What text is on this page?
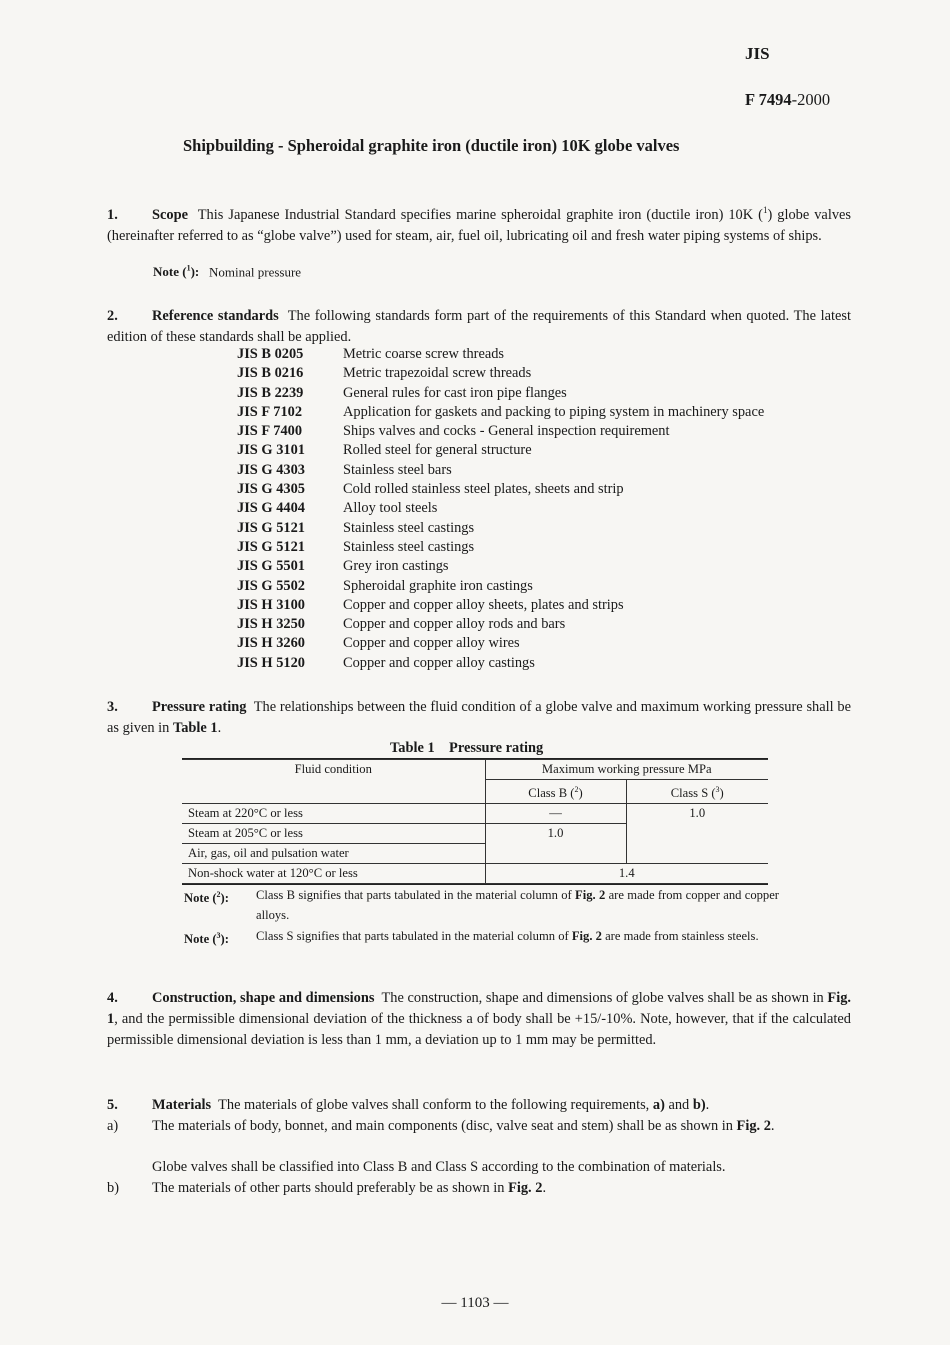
JIS
F 7494-2000
Shipbuilding - Spheroidal graphite iron (ductile iron) 10K globe valves
1. Scope This Japanese Industrial Standard specifies marine spheroidal graphite iron (ductile iron) 10K ($^1$) globe valves (hereinafter referred to as “globe valve”) used for steam, air, fuel oil, lubricating oil and fresh water piping systems of ships.
Note ($^1$): Nominal pressure
2. Reference standards The following standards form part of the requirements of this Standard when quoted. The latest edition of these standards shall be applied.
JIS B 0205	Metric coarse screw threads
JIS B 0216	Metric trapezoidal screw threads
JIS B 2239	General rules for cast iron pipe flanges
JIS F 7102	Application for gaskets and packing to piping system in machinery space
JIS F 7400	Ships valves and cocks - General inspection requirement
JIS G 3101	Rolled steel for general structure
JIS G 4303	Stainless steel bars
JIS G 4305	Cold rolled stainless steel plates, sheets and strip
JIS G 4404	Alloy tool steels
JIS G 5121	Stainless steel castings
JIS G 5121	Stainless steel castings
JIS G 5501	Grey iron castings
JIS G 5502	Spheroidal graphite iron castings
JIS H 3100	Copper and copper alloy sheets, plates and strips
JIS H 3250	Copper and copper alloy rods and bars
JIS H 3260	Copper and copper alloy wires
JIS H 5120	Copper and copper alloy castings
3. Pressure rating The relationships between the fluid condition of a globe valve and maximum working pressure shall be as given in Table 1.
Table 1 Pressure rating
Fluid condition	Maximum working pressure MPa	
	Class B ($^2$)	Class S ($^3$)
Steam at 220°C or less	—	1.0
Steam at 205°C or less	1.0	
Air, gas, oil and pulsation water		
Non-shock water at 120°C or less	1.4	
Note ($^2$): Class B signifies that parts tabulated in the material column of Fig. 2 are made from copper and copper alloys.
Note ($^3$): Class S signifies that parts tabulated in the material column of Fig. 2 are made from stainless steels.
4. Construction, shape and dimensions The construction, shape and dimensions of globe valves shall be as shown in Fig. 1, and the permissible dimensional deviation of the thickness a of body shall be +15/-10%. Note, however, that if the calculated permissible dimensional deviation is less than 1 mm, a deviation up to 1 mm may be permitted.
5. Materials The materials of globe valves shall conform to the following requirements, a) and b).
a) The materials of body, bonnet, and main components (disc, valve seat and stem) shall be as shown in Fig. 2.
Globe valves shall be classified into Class B and Class S according to the combination of materials.
b) The materials of other parts should preferably be as shown in Fig. 2.
— 1103 —
